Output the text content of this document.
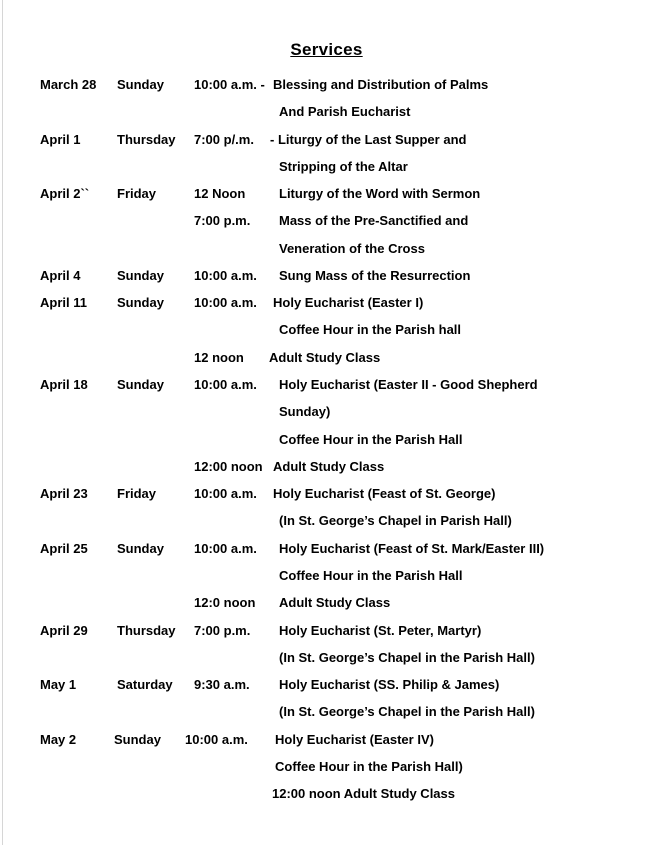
Services
March 28 Sunday 10:00 a.m. - Blessing and Distribution of Palms
And Parish Eucharist
April 1	Thursday 7:00 p/.m. - Liturgy of the Last Supper and
Stripping of the Altar
April 2`` Friday	12 Noon	Liturgy of the Word with Sermon
7:00 p.m. Mass of the Pre-Sanctified and
Veneration of the Cross
April 4	Sunday 10:00 a.m. Sung Mass of the Resurrection
April 11 Sunday 10:00 a.m. Holy Eucharist (Easter I)
Coffee Hour in the Parish hall
12 noon Adult Study Class
April 18 Sunday 10:00 a.m. Holy Eucharist (Easter II - Good Shepherd
Sunday)
Coffee Hour in the Parish Hall
12:00 noon Adult Study Class
April 23 Friday	10:00 a.m. Holy Eucharist (Feast of St. George)
(In St. George’s Chapel in Parish Hall)
April 25 Sunday 10:00 a.m. Holy Eucharist (Feast of St. Mark/Easter III)
Coffee Hour in the Parish Hall
12:0 noon Adult Study Class
April 29 Thursday 7:00 p.m. Holy Eucharist (St. Peter, Martyr)
(In St. George’s Chapel in the Parish Hall)
May 1	Saturday 9:30 a.m. Holy Eucharist (SS. Philip & James)
(In St. George’s Chapel in the Parish Hall)
May 2	Sunday 10:00 a.m. Holy Eucharist (Easter IV)
Coffee Hour in the Parish Hall)
12:00 noon Adult Study Class
